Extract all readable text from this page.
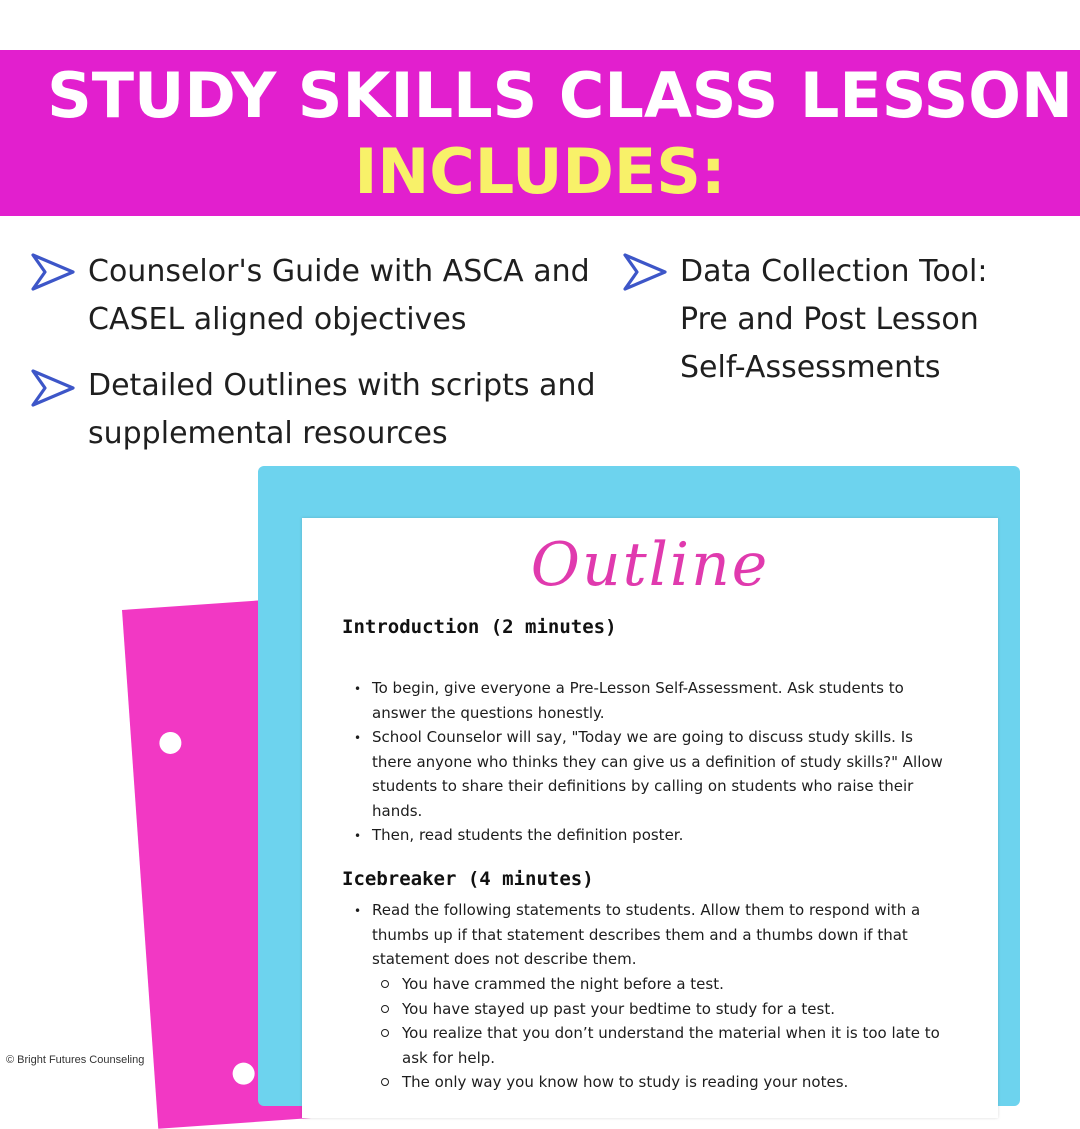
STUDY SKILLS CLASS LESSON
INCLUDES:
Counselor's Guide with ASCA and
CASEL aligned objectives
Detailed Outlines with scripts and
supplemental resources
Data Collection Tool:
Pre and Post Lesson
Self-Assessments
Outline
Introduction (2 minutes)
• To begin, give everyone a Pre-Lesson Self-Assessment. Ask students to
answer the questions honestly.
• School Counselor will say, "Today we are going to discuss study skills. Is
there anyone who thinks they can give us a definition of study skills?" Allow
students to share their definitions by calling on students who raise their
hands.
• Then, read students the definition poster.
Icebreaker (4 minutes)
• Read the following statements to students. Allow them to respond with a
thumbs up if that statement describes them and a thumbs down if that
statement does not describe them.
You have crammed the night before a test.
You have stayed up past your bedtime to study for a test.
You realize that you don’t understand the material when it is too late to
ask for help.
The only way you know how to study is reading your notes.
© Bright Futures Counseling
